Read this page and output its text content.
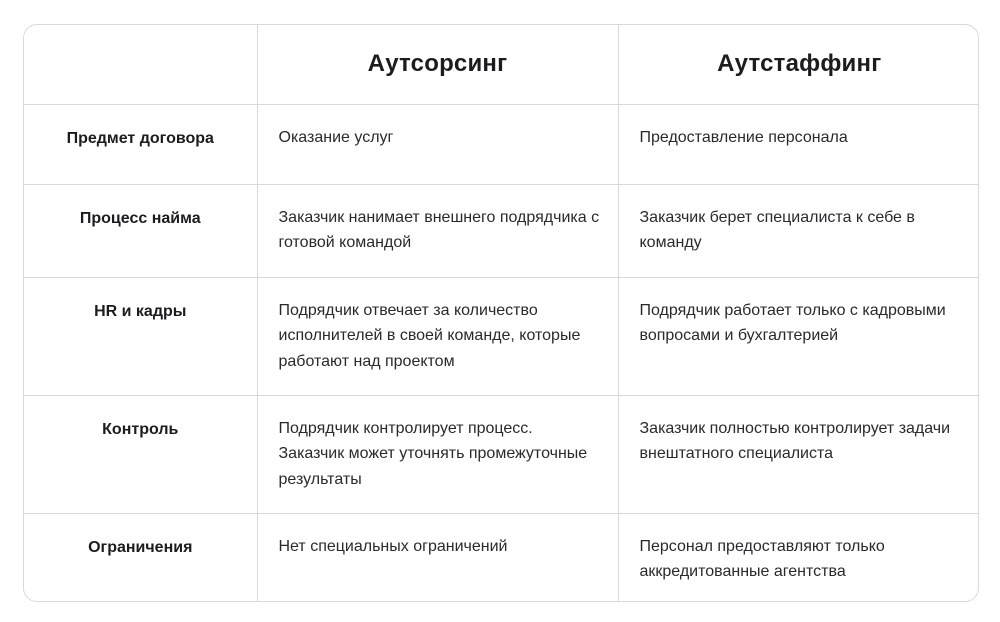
	Аутсорсинг	Аутстаффинг
Предмет договора	Оказание услуг	Предоставление персонала
Процесс найма	Заказчик нанимает внешнего подрядчика с готовой командой	Заказчик берет специалиста к себе в команду
HR и кадры	Подрядчик отвечает за количество исполнителей в своей команде, которые работают над проектом	Подрядчик работает только с кадровыми вопросами и бухгалтерией
Контроль	Подрядчик контролирует процесс. Заказчик может уточнять промежуточные результаты	Заказчик полностью контролирует задачи внештатного специалиста
Ограничения	Нет специальных ограничений	Персонал предоставляют только аккредитованные агентства
